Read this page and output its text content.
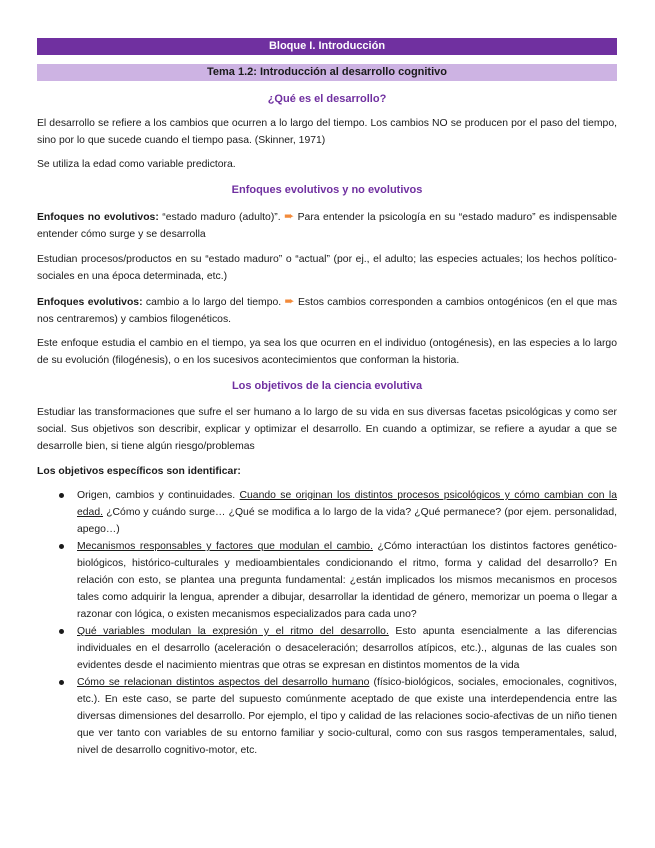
Bloque I. Introducción
Tema 1.2: Introducción al desarrollo cognitivo
¿Qué es el desarrollo?

El desarrollo se refiere a los cambios que ocurren a lo largo del tiempo. Los cambios NO se producen por el paso del tiempo, sino por lo que sucede cuando el tiempo pasa. (Skinner, 1971)

Se utiliza la edad como variable predictora.

Enfoques evolutivos y no evolutivos

Enfoques no evolutivos: “estado maduro (adulto)”. ➨ Para entender la psicología en su “estado maduro” es indispensable entender cómo surge y se desarrolla

Estudian procesos/productos en su “estado maduro” o “actual” (por ej., el adulto; las especies actuales; los hechos político-sociales en una época determinada, etc.)

Enfoques evolutivos: cambio a lo largo del tiempo. ➨ Estos cambios corresponden a cambios ontogénicos (en el que mas nos centraremos) y cambios filogenéticos.

Este enfoque estudia el cambio en el tiempo, ya sea los que ocurren en el individuo (ontogénesis), en las especies a lo largo de su evolución (filogénesis), o en los sucesivos acontecimientos que conforman la historia.

Los objetivos de la ciencia evolutiva

Estudiar las transformaciones que sufre el ser humano a lo largo de su vida en sus diversas facetas psicológicas y como ser social. Sus objetivos son describir, explicar y optimizar el desarrollo. En cuando a optimizar, se refiere a ayudar a que se desarrolle bien, si tiene algún riesgo/problemas

Los objetivos específicos son identificar:

Origen, cambios y continuidades. Cuando se originan los distintos procesos psicológicos y cómo cambian con la edad. ¿Cómo y cuándo surge… ¿Qué se modifica a lo largo de la vida? ¿Qué permanece? (por ejem. personalidad, apego…)
Mecanismos responsables y factores que modulan el cambio. ¿Cómo interactúan los distintos factores genético-biológicos, histórico-culturales y medioambientales condicionando el ritmo, forma y calidad del desarrollo? En relación con esto, se plantea una pregunta fundamental: ¿están implicados los mismos mecanismos en procesos tales como adquirir la lengua, aprender a dibujar, desarrollar la identidad de género, memorizar un poema o llegar a razonar con lógica, o existen mecanismos especializados para cada uno?
Qué variables modulan la expresión y el ritmo del desarrollo. Esto apunta esencialmente a las diferencias individuales en el desarrollo (aceleración o desaceleración; desarrollos atípicos, etc.)., algunas de las cuales son evidentes desde el nacimiento mientras que otras se expresan en distintos momentos de la vida
Cómo se relacionan distintos aspectos del desarrollo humano (físico-biológicos, sociales, emocionales, cognitivos, etc.). En este caso, se parte del supuesto comúnmente aceptado de que existe una interdependencia entre las diversas dimensiones del desarrollo. Por ejemplo, el tipo y calidad de las relaciones socio-afectivas de un niño tienen que ver tanto con variables de su entorno familiar y socio-cultural, como con sus rasgos temperamentales, salud, nivel de desarrollo cognitivo-motor, etc.
